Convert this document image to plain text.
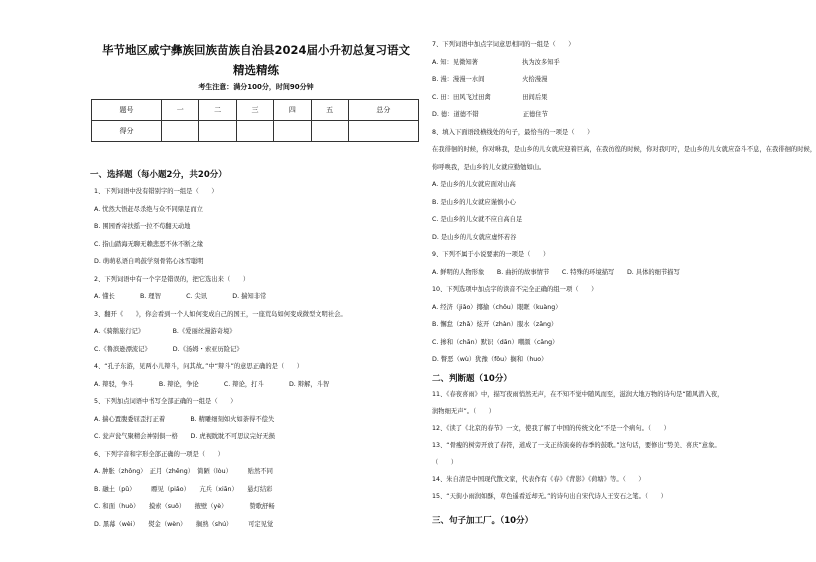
毕节地区威宁彝族回族苗族自治县2024届小升初总复习语文
精选精练
考生注意：满分100分，时间90分钟
题号	一	二	三	四	五	总分
得分						
一、选择题（每小题2分，共20分）
1、下列词语中没有错别字的一组是（　　）
A. 忧然大悟赶尽杀绝与众不同鼎足而立
B. 围园香寄扶摇一拉不苟翻天动地
C. 指山踏海无聊无赖悲恶不休不断之缘
D. 萌萌私语自鸣鼓学刻骨铭心冰雪聪明
2、下列词语中有一个字是错误的，把它选出来（　　）
A. 懂长　　　　B. 理智　　　　C. 尖讯　　　　D. 揣知非常
3、翻开《　　》，你会看到一个人如何变成自己的国王，一座荒岛如何变成微型文明社会。
A.《骑鹅旅行记》　　　　　B.《爱丽丝漫游奇境》
C.《鲁滨逊漂流记》　　　　D.《汤姆・索亚历险记》
4、“孔子东游，见两小儿辩斗，问其故。”中“辩斗”的意思正确的是（　　）
A. 辩驳，争斗　　　　B. 辩论，争论　　　　C. 辩论，打斗　　　　D. 辩解，斗智
5、下列加点词语中书写全部正确的一组是（　　）
A. 揣心置腹委屈歪打正着　　　　B. 精雕细刻如火如荼得不偿失
C. 瓮声瓮气聚精会神别俱一格　　D. 虎视眈眈不可思议完好无损
6、下列字音和字形全部正确的一项是（　　）
A. 肿胀（zhǒng）　正月（zhēng）　简陋（lòu）　　　贴然不同
B. 融土（pǔ）　　　瞟见（piǎo）　　亢兵（xiān）　　悬灯结彩
C. 和面（huò）　　摸索（suǒ）　　掖壁（yè）　　　　赞歌舒畅
D. 黑幕（wèi）　　熨金（wèn）　　搁熟（shú）　　　可定见觉
7、下列词语中加点字词意思相同的一组是（　　）
A. 知：见微知著　　　　　　　执为汝多知乎
B. 漫：漫漫一水间　　　　　　火拾漫漫
C. 田：田风飞过田禽　　　　　田间后果
D. 德：道德不错　　　　　　　正德住节
8、填入下面语段横线处的句子，最恰当的一项是（　　）
在我徘徊的时候，你对咻我，是山乡的儿女就应迎着巨高，在我彷徨的时候，你对我叮咛，是山乡的儿女就应奋斗不息，在我徘徊的时候，
你呼唤我，是山乡的儿女就应勤勉如山。
A. 是山乡的儿女就应面对山高
B. 是山乡的儿女就应谨慎小心
C. 是山乡的儿女就不应自高自足
D. 是山乡的儿女就应虚怀若谷
9、下列不属于小说要素的一项是（　　）
A. 鲜明的人物形象　　B. 曲折的故事情节　　C. 特殊的环境描写　　D. 具体的细节描写
10、下列选项中加点字的读音不完全正确的组一项（　　）
A. 经济（jiǎo）揶揄（chōu）眼眶（kuàng）
B. 懈怠（zhǎ）炫开（zhàn）服水（zāng）
C. 掺和（chān）默识（dān）嘲颜（cāng）
D. 瞥恶（wù）犹豫（fǒu）搁和（huo）
二、判断题（10分）
11、《春夜喜雨》中，描写夜雨悄然无声，在不知不觉中随风而至，滋润大地万物的诗句是“随风潜入夜，
润物细无声”。（　　）
12、《读了《北京的春节》一文，使我了解了中国的传统文化”不是一个病句。（　　）
13、“骨瘦的树旁开放了春符，道成了一支正待演奏的春季的鼓歌。”这句话，要修出“势美、喜庆”意象。
（　　）
14、朱自清是中国现代散文家，代表作有《春》《背影》《荷塘》等。（　　）
15、“天街小雨润如酥，草色遥看近却无。”的诗句出自宋代诗人王安石之笔。（　　）
三、句子加工厂。（10分）
